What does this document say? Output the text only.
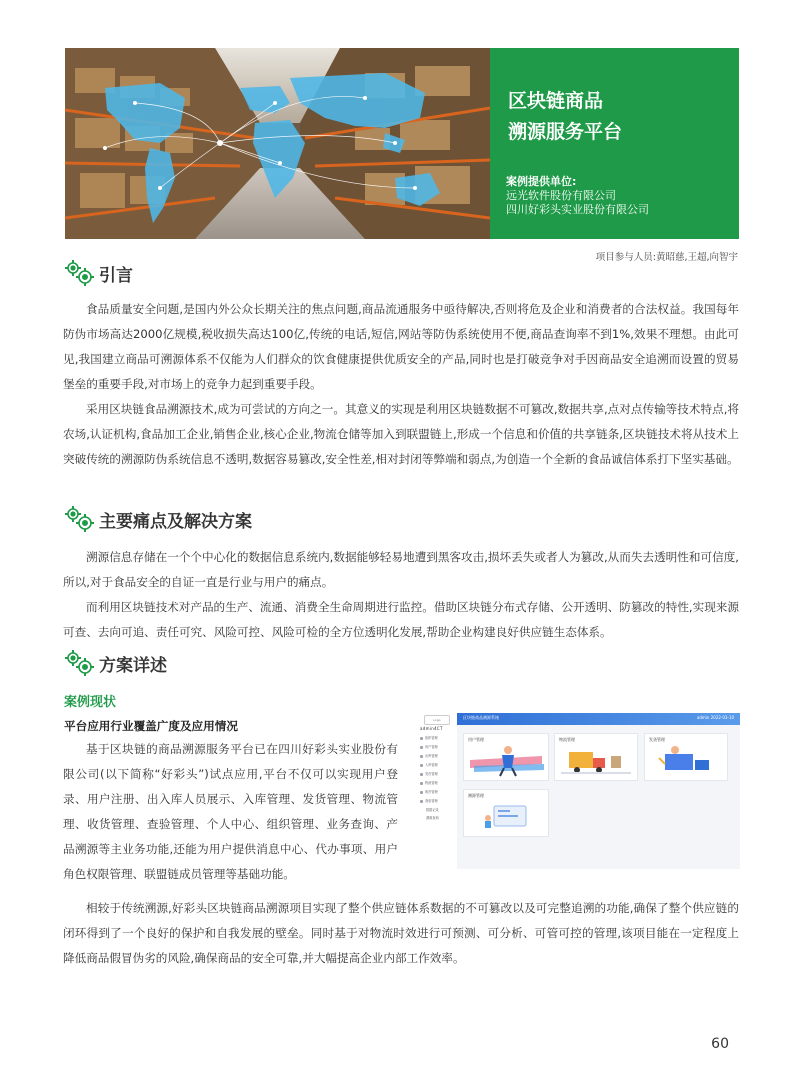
区块链商品
溯源服务平台
案例提供单位:
远光软件股份有限公司
四川好彩头实业股份有限公司
项目参与人员:黄昭慈,王超,向智宇
引言

食品质量安全问题,是国内外公众长期关注的焦点问题,商品流通服务中亟待解决,否则将危及企业和消费者的合法权益。我国每年防伪市场高达2000亿规模,税收损失高达100亿,传统的电话,短信,网站等防伪系统使用不便,商品查询率不到1%,效果不理想。由此可见,我国建立商品可溯源体系不仅能为人们群众的饮食健康提供优质安全的产品,同时也是打破竞争对手因商品安全追溯而设置的贸易堡垒的重要手段,对市场上的竞争力起到重要手段。

采用区块链食品溯源技术,成为可尝试的方向之一。其意义的实现是利用区块链数据不可篡改,数据共享,点对点传输等技术特点,将农场,认证机构,食品加工企业,销售企业,核心企业,物流仓储等加入到联盟链上,形成一个信息和价值的共享链条,区块链技术将从技术上突破传统的溯源防伪系统信息不透明,数据容易篡改,安全性差,相对封闭等弊端和弱点,为创造一个全新的食品诚信体系打下坚实基础。

主要痛点及解决方案

溯源信息存储在一个个中心化的数据信息系统内,数据能够轻易地遭到黑客攻击,损坏丢失或者人为篡改,从而失去透明性和可信度,所以,对于食品安全的自证一直是行业与用户的痛点。

而利用区块链技术对产品的生产、流通、消费全生命周期进行监控。借助区块链分布式存储、公开透明、防篡改的特性,实现来源可查、去向可追、责任可究、风险可控、风险可检的全方位透明化发展,帮助企业构建良好供应链生态体系。

方案详述
案例现状
平台应用行业覆盖广度及应用情况

基于区块链的商品溯源服务平台已在四川好彩头实业股份有限公司(以下简称“好彩头”)试点应用,平台不仅可以实现用户登录、用户注册、出入库人员展示、入库管理、发货管理、物流管理、收货管理、查验管理、个人中心、组织管理、业务查询、产品溯源等主业务功能,还能为用户提供消息中心、代办事项、用户角色权限管理、联盟链成员管理等基础功能。

Logo
admin4CT
组织管理
用户管理
出库管理
入库管理
发货管理
物流管理
收货管理
查验管理
数据记录
溯源查询
区块链商品溯源系统	admin 2022-03-10
用户管理	物流管理	发货管理
溯源管理

相较于传统溯源,好彩头区块链商品溯源项目实现了整个供应链体系数据的不可篡改以及可完整追溯的功能,确保了整个供应链的闭环得到了一个良好的保护和自我发展的壁垒。同时基于对物流时效进行可预测、可分析、可管可控的管理,该项目能在一定程度上降低商品假冒伪劣的风险,确保商品的安全可靠,并大幅提高企业内部工作效率。

60
